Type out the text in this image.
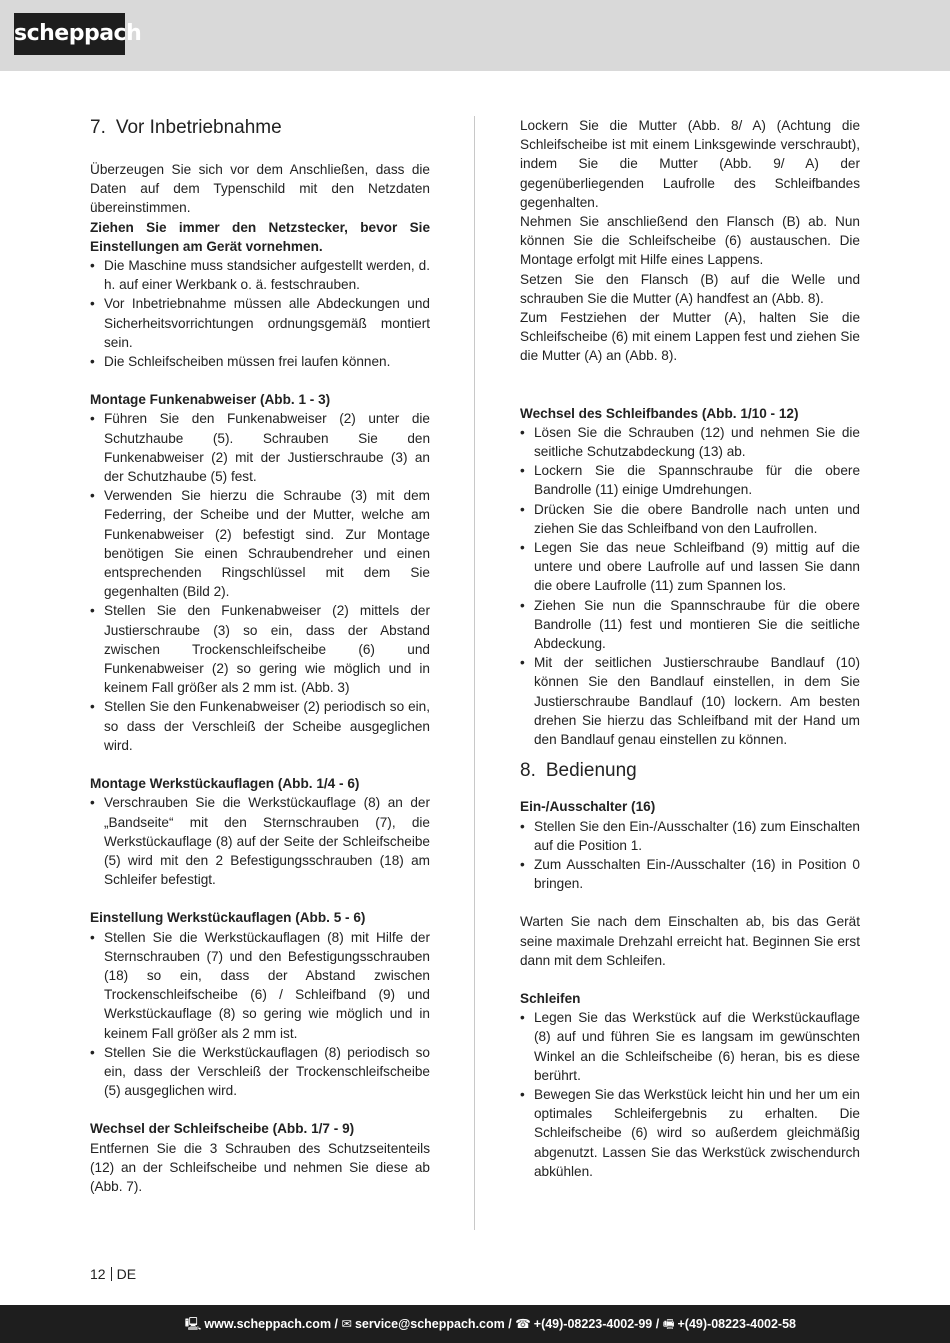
scheppach
7. Vor Inbetriebnahme

Überzeugen Sie sich vor dem Anschließen, dass die Daten auf dem Typenschild mit den Netzdaten übereinstimmen.

Ziehen Sie immer den Netzstecker, bevor Sie Einstellungen am Gerät vornehmen.

• Die Maschine muss standsicher aufgestellt werden, d. h. auf einer Werkbank o. ä. festschrauben.
• Vor Inbetriebnahme müssen alle Abdeckungen und Sicherheitsvorrichtungen ordnungsgemäß montiert sein.
• Die Schleifscheiben müssen frei laufen können.

Montage Funkenabweiser (Abb. 1 - 3)

• Führen Sie den Funkenabweiser (2) unter die Schutzhaube (5). Schrauben Sie den Funkenabweiser (2) mit der Justierschraube (3) an der Schutzhaube (5) fest.
• Verwenden Sie hierzu die Schraube (3) mit dem Federring, der Scheibe und der Mutter, welche am Funkenabweiser (2) befestigt sind. Zur Montage benötigen Sie einen Schraubendreher und einen entsprechenden Ringschlüssel mit dem Sie gegenhalten (Bild 2).
• Stellen Sie den Funkenabweiser (2) mittels der Justierschraube (3) so ein, dass der Abstand zwischen Trockenschleifscheibe (6) und Funkenabweiser (2) so gering wie möglich und in keinem Fall größer als 2 mm ist. (Abb. 3)
• Stellen Sie den Funkenabweiser (2) periodisch so ein, so dass der Verschleiß der Scheibe ausgeglichen wird.

Montage Werkstückauflagen (Abb. 1/4 - 6)

• Verschrauben Sie die Werkstückauflage (8) an der „Bandseite“ mit den Sternschrauben (7), die Werkstückauflage (8) auf der Seite der Schleifscheibe (5) wird mit den 2 Befestigungsschrauben (18) am Schleifer befestigt.

Einstellung Werkstückauflagen (Abb. 5 - 6)

• Stellen Sie die Werkstückauflagen (8) mit Hilfe der Sternschrauben (7) und den Befestigungsschrauben (18) so ein, dass der Abstand zwischen Trockenschleifscheibe (6) / Schleifband (9) und Werkstückauflage (8) so gering wie möglich und in keinem Fall größer als 2 mm ist.
• Stellen Sie die Werkstückauflagen (8) periodisch so ein, dass der Verschleiß der Trockenschleifscheibe (5) ausgeglichen wird.

Wechsel der Schleifscheibe (Abb. 1/7 - 9)

Entfernen Sie die 3 Schrauben des Schutzseitenteils (12) an der Schleifscheibe und nehmen Sie diese ab (Abb. 7).

Lockern Sie die Mutter (Abb. 8/ A) (Achtung die Schleifscheibe ist mit einem Linksgewinde verschraubt), indem Sie die Mutter (Abb. 9/ A) der gegenüberliegenden Laufrolle des Schleifbandes gegenhalten.

Nehmen Sie anschließend den Flansch (B) ab. Nun können Sie die Schleifscheibe (6) austauschen. Die Montage erfolgt mit Hilfe eines Lappens.

Setzen Sie den Flansch (B) auf die Welle und schrauben Sie die Mutter (A) handfest an (Abb. 8).

Zum Festziehen der Mutter (A), halten Sie die Schleifscheibe (6) mit einem Lappen fest und ziehen Sie die Mutter (A) an (Abb. 8).

Wechsel des Schleifbandes (Abb. 1/10 - 12)

• Lösen Sie die Schrauben (12) und nehmen Sie die seitliche Schutzabdeckung (13) ab.
• Lockern Sie die Spannschraube für die obere Bandrolle (11) einige Umdrehungen.
• Drücken Sie die obere Bandrolle nach unten und ziehen Sie das Schleifband von den Laufrollen.
• Legen Sie das neue Schleifband (9) mittig auf die untere und obere Laufrolle auf und lassen Sie dann die obere Laufrolle (11) zum Spannen los.
• Ziehen Sie nun die Spannschraube für die obere Bandrolle (11) fest und montieren Sie die seitliche Abdeckung.
• Mit der seitlichen Justierschraube Bandlauf (10) können Sie den Bandlauf einstellen, in dem Sie Justierschraube Bandlauf (10) lockern. Am besten drehen Sie hierzu das Schleifband mit der Hand um den Bandlauf genau einstellen zu können.
8. Bedienung

Ein-/Ausschalter (16)

• Stellen Sie den Ein-/Ausschalter (16) zum Einschalten auf die Position 1.
• Zum Ausschalten Ein-/Ausschalter (16) in Position 0 bringen.

Warten Sie nach dem Einschalten ab, bis das Gerät seine maximale Drehzahl erreicht hat. Beginnen Sie erst dann mit dem Schleifen.

Schleifen

• Legen Sie das Werkstück auf die Werkstückauflage (8) auf und führen Sie es langsam im gewünschten Winkel an die Schleifscheibe (6) heran, bis es diese berührt.
• Bewegen Sie das Werkstück leicht hin und her um ein optimales Schleifergebnis zu erhalten. Die Schleifscheibe (6) wird so außerdem gleichmäßig abgenutzt. Lassen Sie das Werkstück zwischendurch abkühlen.
12 DE
🖳 www.scheppach.com / ✉ service@scheppach.com / ☎ +(49)-08223-4002-99 / 🖷 +(49)-08223-4002-58
